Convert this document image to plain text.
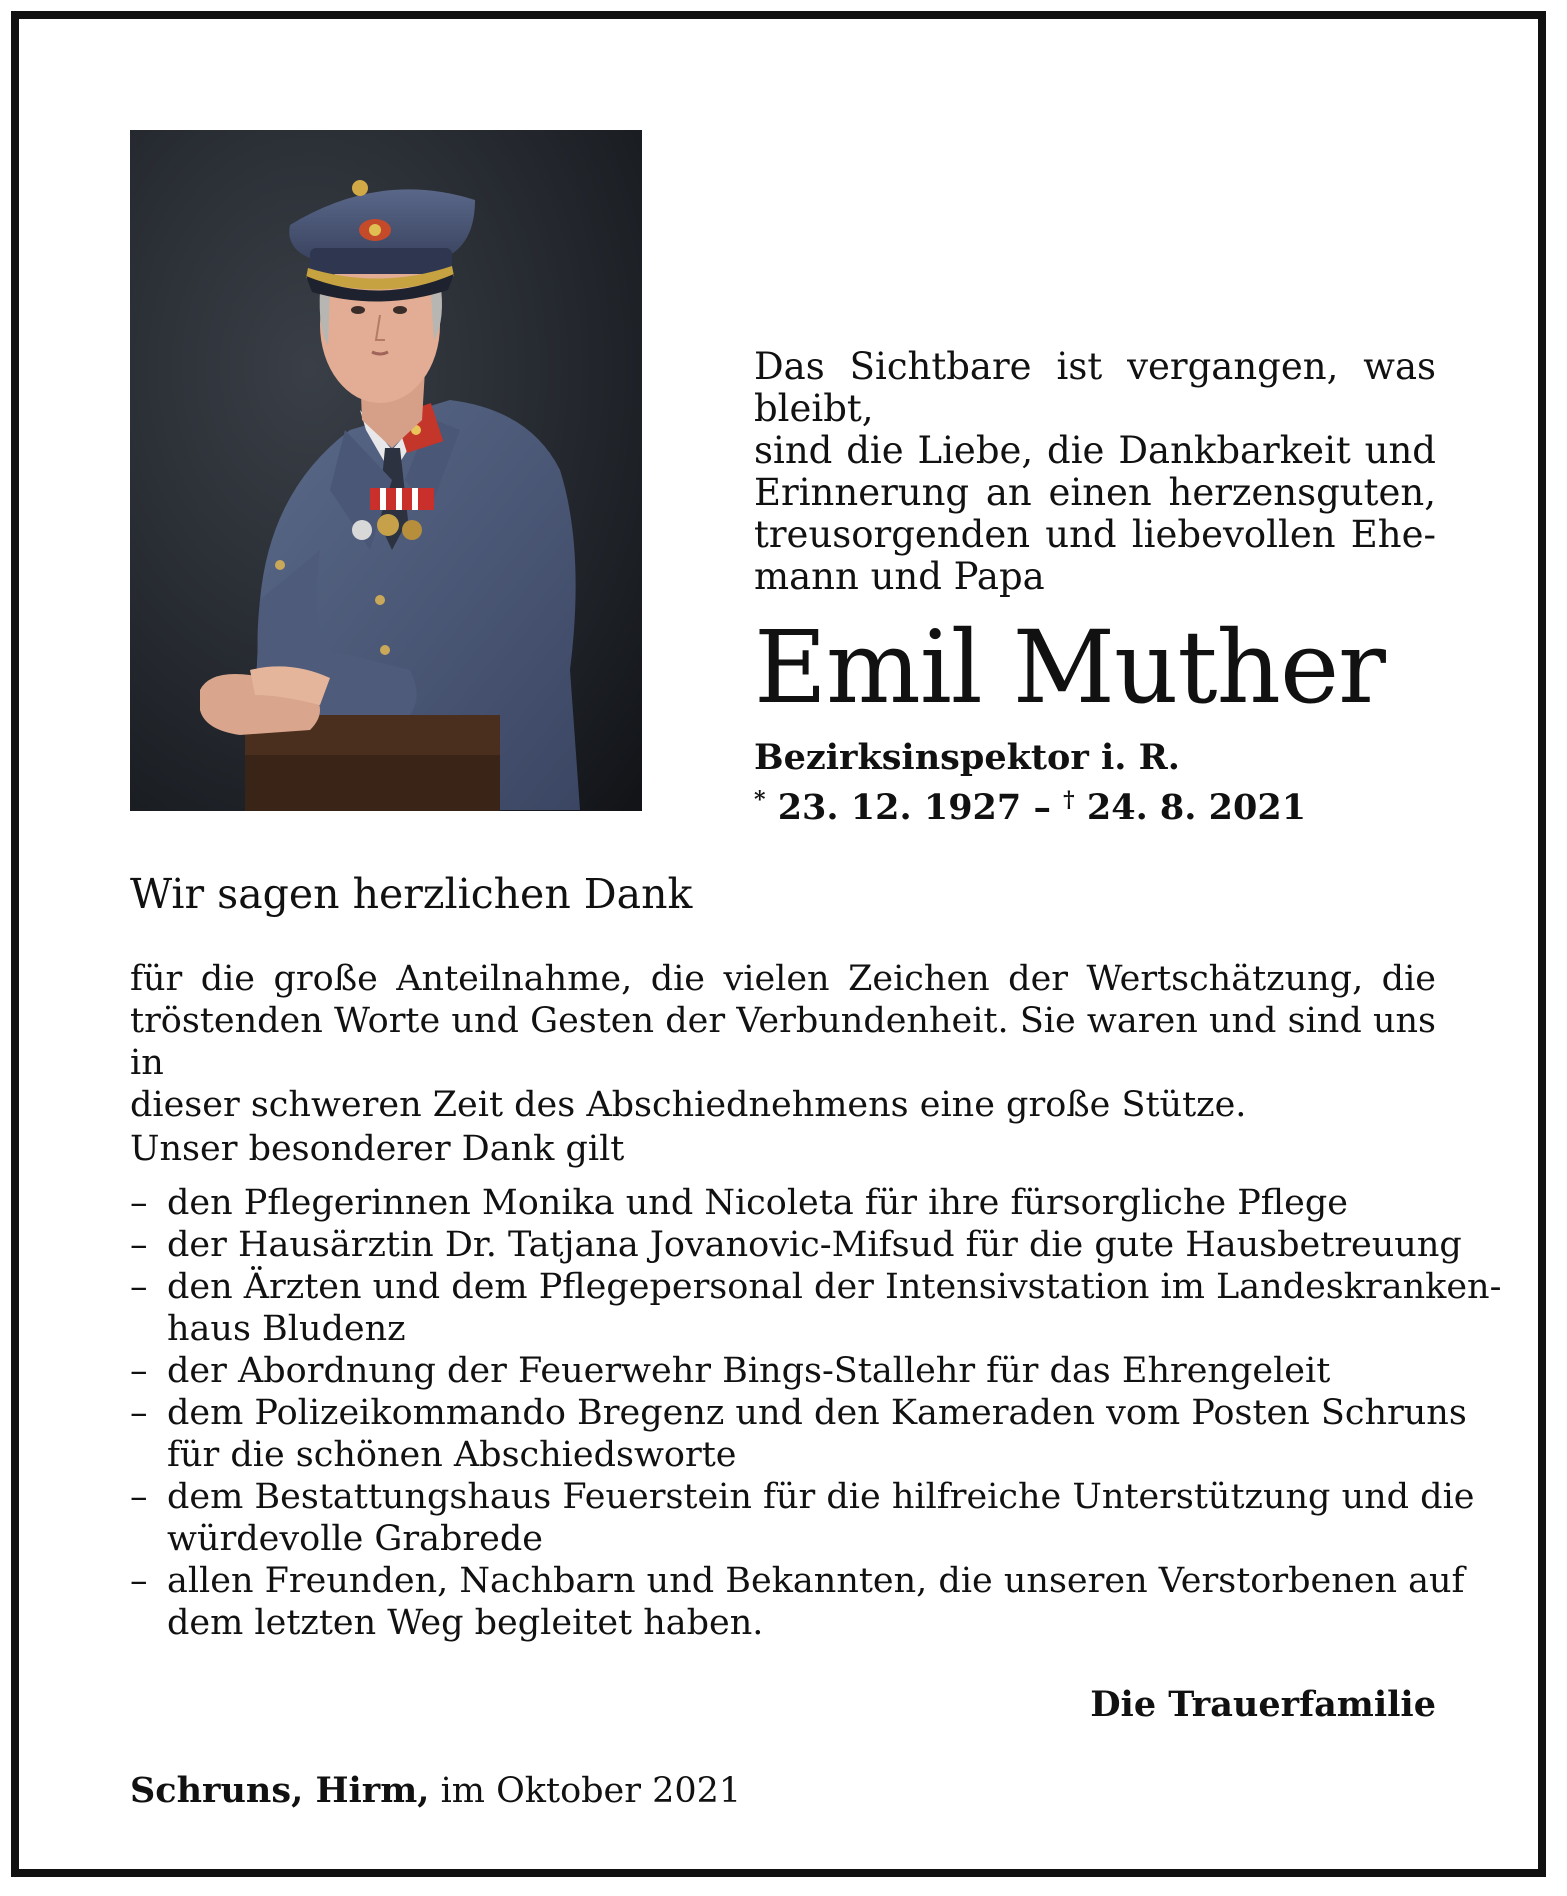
Das Sichtbare ist vergangen, was bleibt,
sind die Liebe, die Dankbarkeit und
Erinnerung an einen herzensguten,
treusorgenden und liebevollen Ehe-
mann und Papa
Emil Muther
Bezirksinspektor i. R.
* 23. 12. 1927 – † 24. 8. 2021
Wir sagen herzlichen Dank
für die große Anteilnahme, die vielen Zeichen der Wertschätzung, die
tröstenden Worte und Gesten der Verbundenheit. Sie waren und sind uns in
dieser schweren Zeit des Abschiednehmens eine große Stütze.
Unser besonderer Dank gilt
– den Pflegerinnen Monika und Nicoleta für ihre fürsorgliche Pflege
– der Hausärztin Dr. Tatjana Jovanovic-Mifsud für die gute Hausbetreuung
– den Ärzten und dem Pflegepersonal der Intensivstation im Landeskranken-
haus Bludenz
– der Abordnung der Feuerwehr Bings-Stallehr für das Ehrengeleit
– dem Polizeikommando Bregenz und den Kameraden vom Posten Schruns
für die schönen Abschiedsworte
– dem Bestattungshaus Feuerstein für die hilfreiche Unterstützung und die
würdevolle Grabrede
– allen Freunden, Nachbarn und Bekannten, die unseren Verstorbenen auf
dem letzten Weg begleitet haben.
Die Trauerfamilie
Schruns, Hirm, im Oktober 2021
